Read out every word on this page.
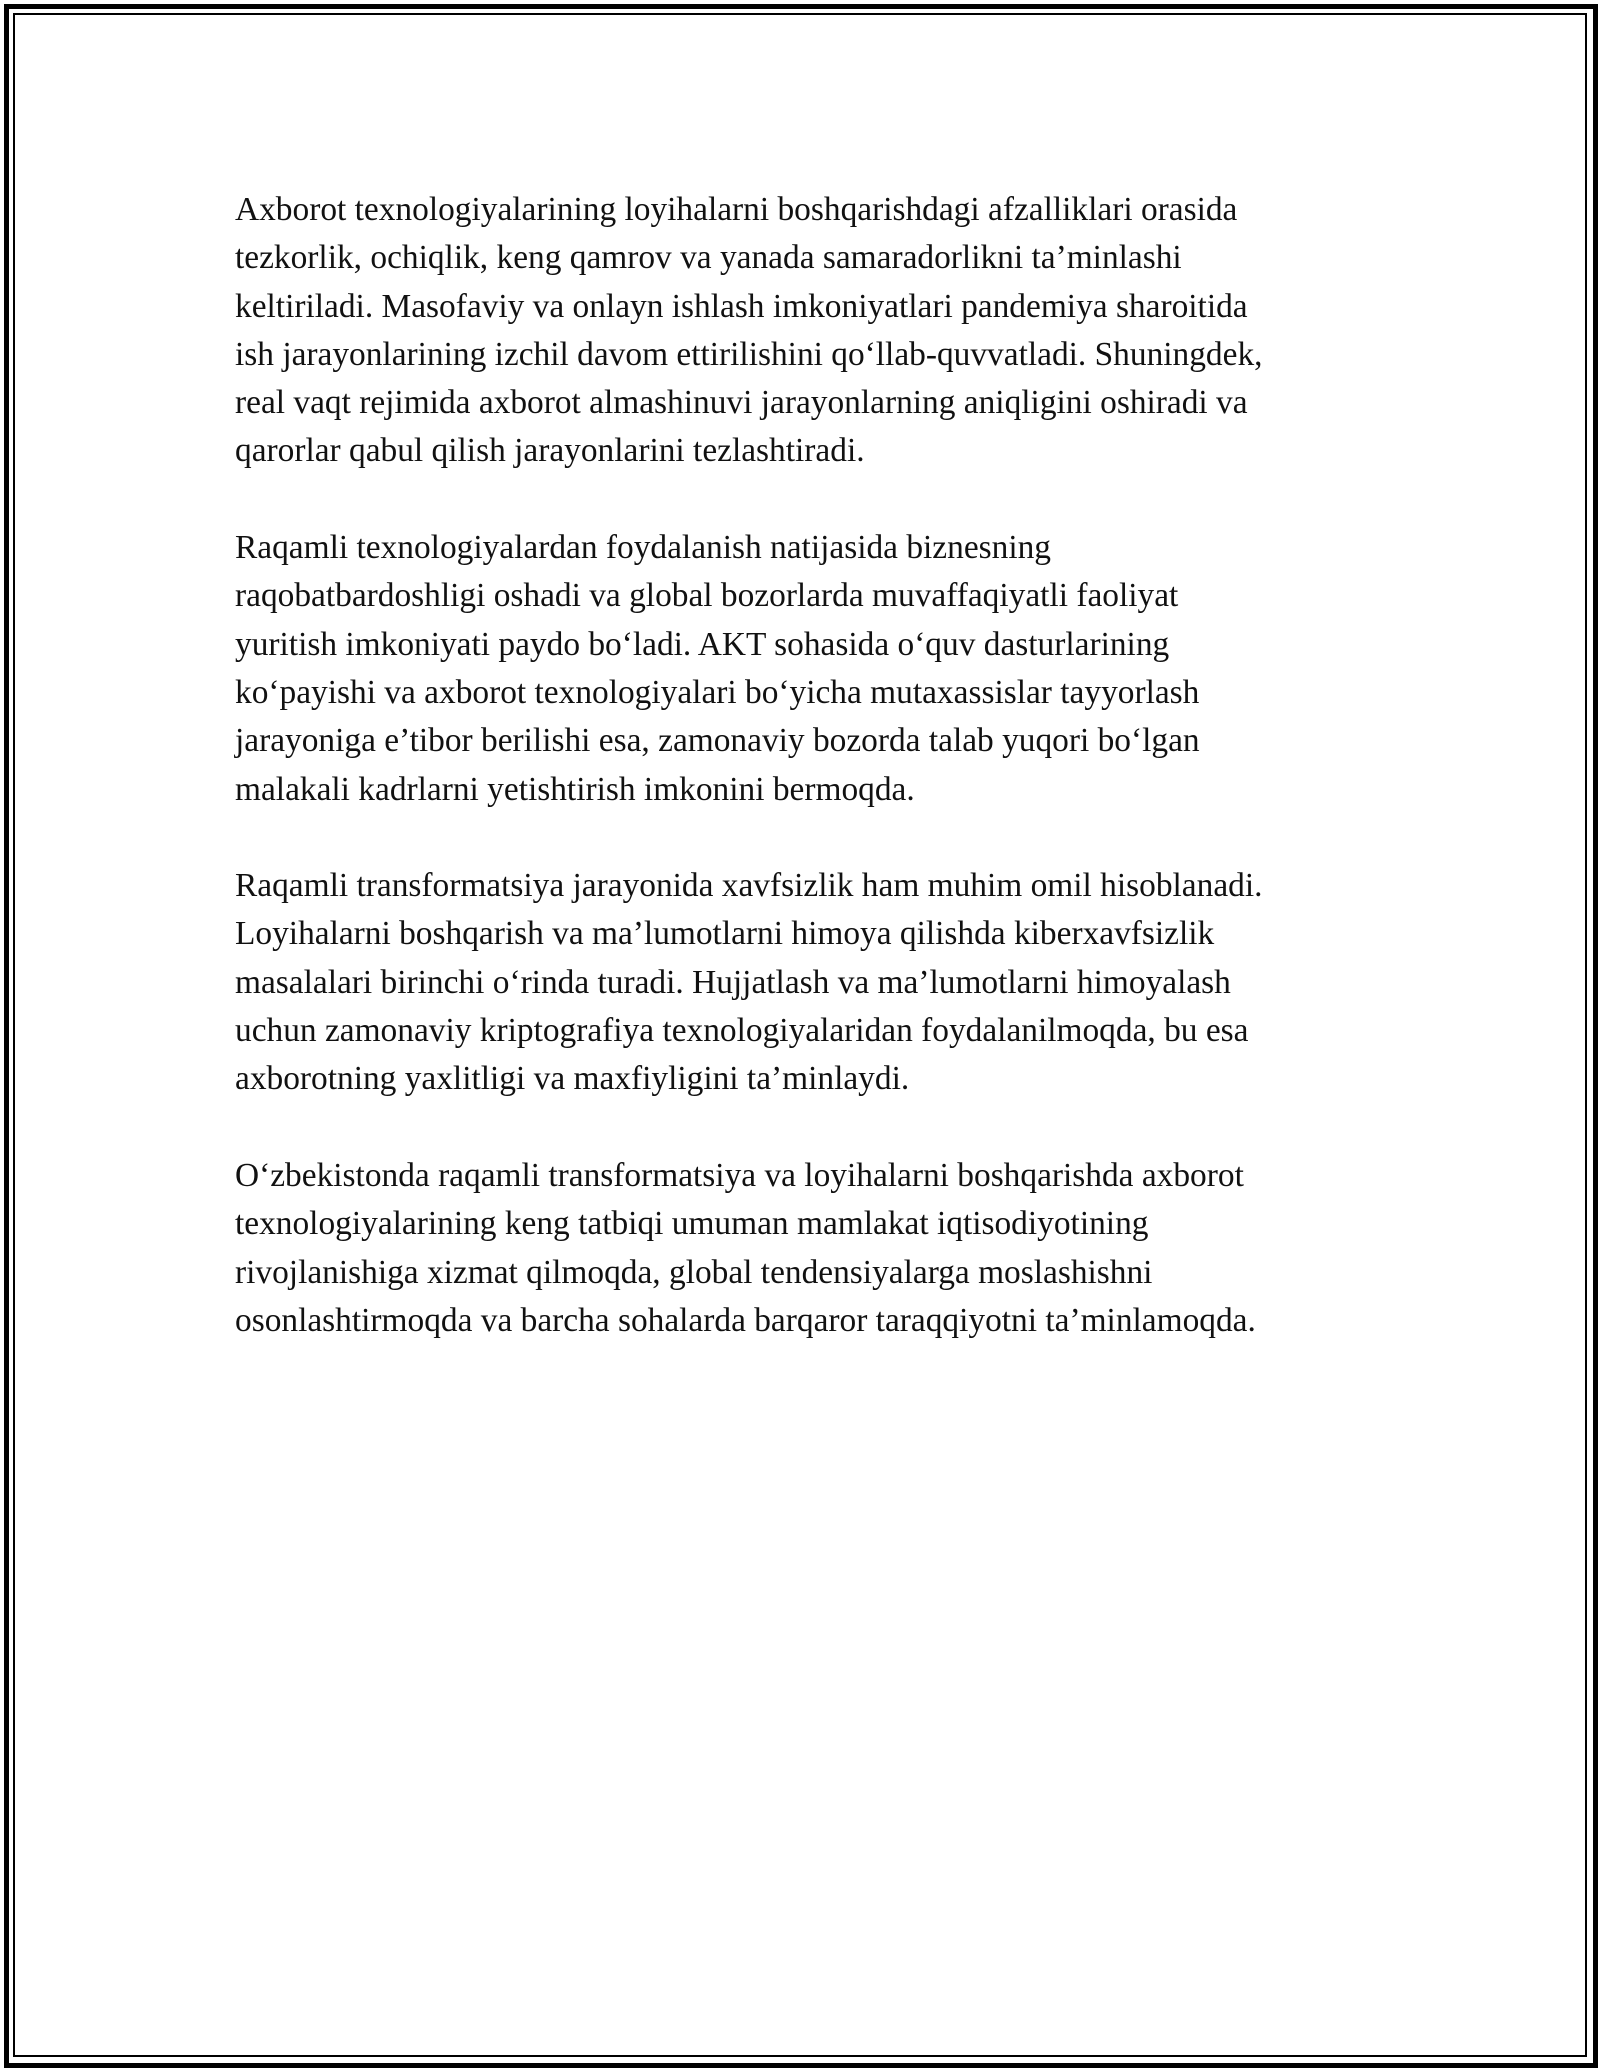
Axborot texnologiyalarining loyihalarni boshqarishdagi afzalliklari orasida
tezkorlik, ochiqlik, keng qamrov va yanada samaradorlikni ta’minlashi
keltiriladi. Masofaviy va onlayn ishlash imkoniyatlari pandemiya sharoitida
ish jarayonlarining izchil davom ettirilishini qo‘llab-quvvatladi. Shuningdek,
real vaqt rejimida axborot almashinuvi jarayonlarning aniqligini oshiradi va
qarorlar qabul qilish jarayonlarini tezlashtiradi.

Raqamli texnologiyalardan foydalanish natijasida biznesning
raqobatbardoshligi oshadi va global bozorlarda muvaffaqiyatli faoliyat
yuritish imkoniyati paydo bo‘ladi. AKT sohasida o‘quv dasturlarining
ko‘payishi va axborot texnologiyalari bo‘yicha mutaxassislar tayyorlash
jarayoniga e’tibor berilishi esa, zamonaviy bozorda talab yuqori bo‘lgan
malakali kadrlarni yetishtirish imkonini bermoqda.

Raqamli transformatsiya jarayonida xavfsizlik ham muhim omil hisoblanadi.
Loyihalarni boshqarish va ma’lumotlarni himoya qilishda kiberxavfsizlik
masalalari birinchi o‘rinda turadi. Hujjatlash va ma’lumotlarni himoyalash
uchun zamonaviy kriptografiya texnologiyalaridan foydalanilmoqda, bu esa
axborotning yaxlitligi va maxfiyligini ta’minlaydi.

O‘zbekistonda raqamli transformatsiya va loyihalarni boshqarishda axborot
texnologiyalarining keng tatbiqi umuman mamlakat iqtisodiyotining
rivojlanishiga xizmat qilmoqda, global tendensiyalarga moslashishni
osonlashtirmoqda va barcha sohalarda barqaror taraqqiyotni ta’minlamoqda.
